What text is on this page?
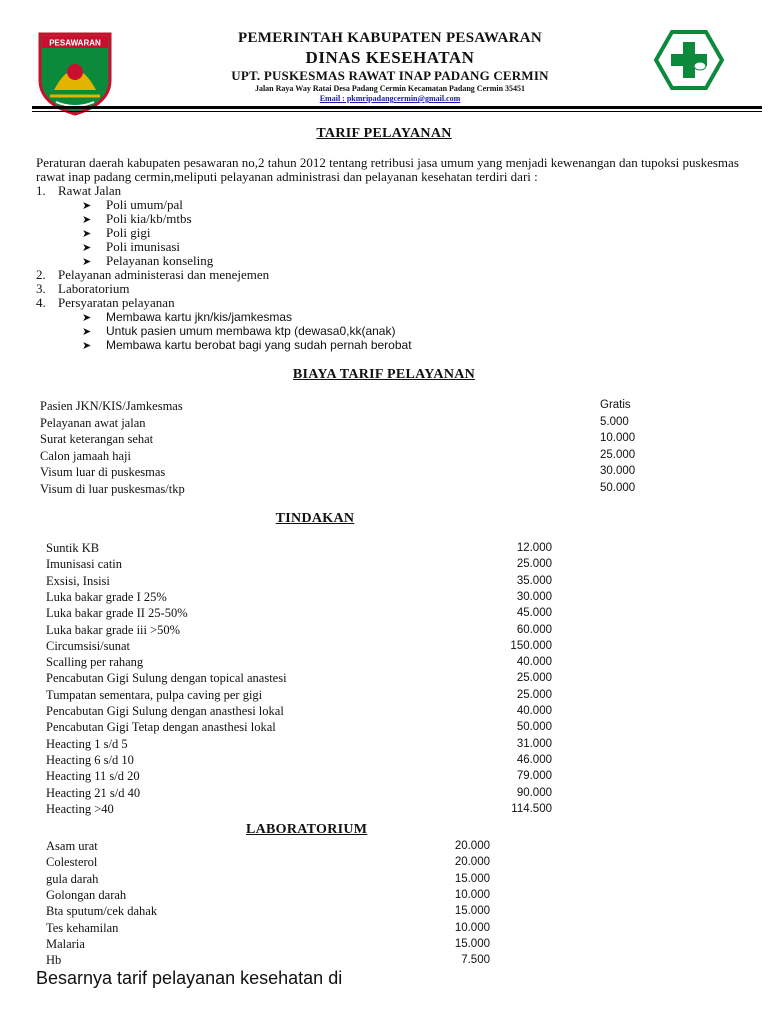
PESAWARAN	PEMERINTAH KABUPATEN PESAWARAN
DINAS KESEHATAN
UPT. PUSKESMAS RAWAT INAP PADANG CERMIN
Jalan Raya Way Ratai Desa Padang Cermin Kecamatan Padang Cermin 35451
Email : pkmripadangcermin@gmail.com
TARIF PELAYANAN
Peraturan daerah kabupaten pesawaran no,2 tahun 2012 tentang retribusi jasa umum yang menjadi kewenangan dan tupoksi puskesmas rawat inap padang cermin,meliputi pelayanan administrasi dan pelayanan kesehatan terdiri dari :
1. Rawat Jalan
➤ Poli umum/pal
➤ Poli kia/kb/mtbs
➤ Poli gigi
➤ Poli imunisasi
➤ Pelayanan konseling
2. Pelayanan administerasi dan menejemen
3. Laboratorium
4. Persyaratan pelayanan
➤ Membawa kartu jkn/kis/jamkesmas
➤ Untuk pasien umum membawa ktp (dewasa0,kk(anak)
➤ Membawa kartu berobat bagi yang sudah pernah berobat
BIAYA TARIF PELAYANAN
Pasien JKN/KIS/Jamkesmas	Gratis
Pelayanan awat jalan	5.000
Surat keterangan sehat	10.000
Calon jamaah haji	25.000
Visum luar di puskesmas	30.000
Visum di luar puskesmas/tkp	50.000
TINDAKAN
Suntik KB	12.000
Imunisasi catin	25.000
Exsisi, Insisi	35.000
Luka bakar grade I 25%	30.000
Luka bakar grade II 25-50%	45.000
Luka bakar grade iii >50%	60.000
Circumsisi/sunat	150.000
Scalling per rahang	40.000
Pencabutan Gigi Sulung dengan topical anastesi	25.000
Tumpatan sementara, pulpa caving per gigi	25.000
Pencabutan Gigi Sulung dengan anasthesi lokal	40.000
Pencabutan Gigi Tetap dengan anasthesi lokal	50.000
Heacting 1 s/d 5	31.000
Heacting 6 s/d 10	46.000
Heacting 11 s/d 20	79.000
Heacting 21 s/d 40	90.000
Heacting >40	114.500
LABORATORIUM
Asam urat	20.000
Colesterol	20.000
gula darah	15.000
Golongan darah	10.000
Bta sputum/cek dahak	15.000
Tes kehamilan	10.000
Malaria	15.000
Hb	7.500
Besarnya tarif pelayanan kesehatan di
